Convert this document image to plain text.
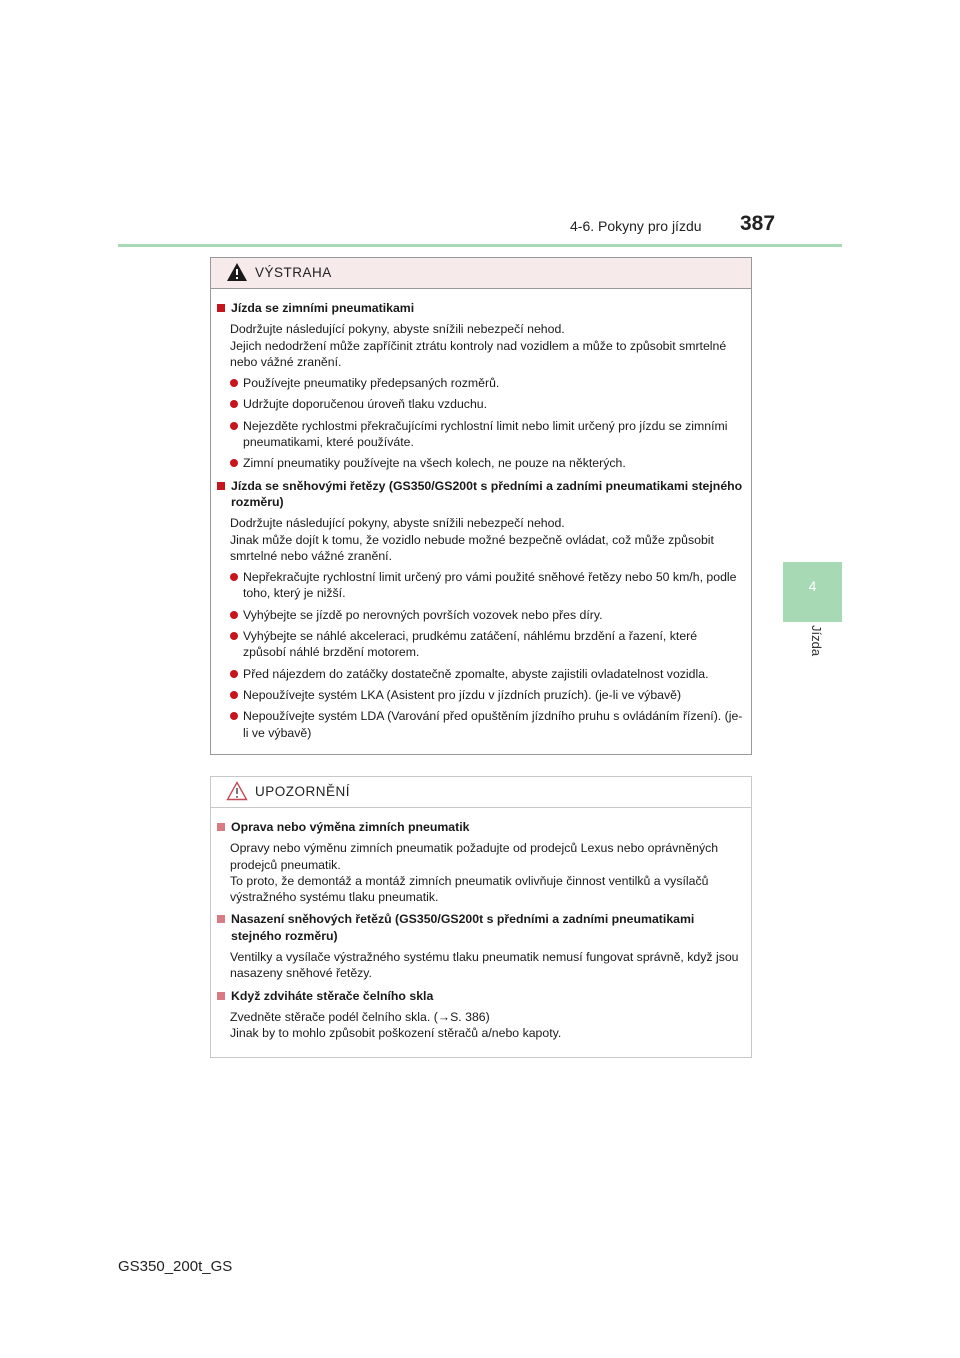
4-6. Pokyny pro jízdu 387
4
Jízda
VÝSTRAHA
Jízda se zimními pneumatikami
Dodržujte následující pokyny, abyste snížili nebezpečí nehod.
Jejich nedodržení může zapříčinit ztrátu kontroly nad vozidlem a může to způsobit smrtelné nebo vážné zranění.
Používejte pneumatiky předepsaných rozměrů.
Udržujte doporučenou úroveň tlaku vzduchu.
Nejezděte rychlostmi překračujícími rychlostní limit nebo limit určený pro jízdu se zimními pneumatikami, které používáte.
Zimní pneumatiky používejte na všech kolech, ne pouze na některých.
Jízda se sněhovými řetězy (GS350/GS200t s předními a zadními pneumatikami stejného rozměru)
Dodržujte následující pokyny, abyste snížili nebezpečí nehod.
Jinak může dojít k tomu, že vozidlo nebude možné bezpečně ovládat, což může způsobit smrtelné nebo vážné zranění.
Nepřekračujte rychlostní limit určený pro vámi použité sněhové řetězy nebo 50 km/h, podle toho, který je nižší.
Vyhýbejte se jízdě po nerovných površích vozovek nebo přes díry.
Vyhýbejte se náhlé akceleraci, prudkému zatáčení, náhlému brzdění a řazení, které způsobí náhlé brzdění motorem.
Před nájezdem do zatáčky dostatečně zpomalte, abyste zajistili ovladatelnost vozidla.
Nepoužívejte systém LKA (Asistent pro jízdu v jízdních pruzích). (je-li ve výbavě)
Nepoužívejte systém LDA (Varování před opuštěním jízdního pruhu s ovládáním řízení). (je-li ve výbavě)
UPOZORNĚNÍ
Oprava nebo výměna zimních pneumatik
Opravy nebo výměnu zimních pneumatik požadujte od prodejců Lexus nebo oprávněných prodejců pneumatik.
To proto, že demontáž a montáž zimních pneumatik ovlivňuje činnost ventilků a vysílačů výstražného systému tlaku pneumatik.
Nasazení sněhových řetězů (GS350/GS200t s předními a zadními pneumatikami stejného rozměru)
Ventilky a vysílače výstražného systému tlaku pneumatik nemusí fungovat správně, když jsou nasazeny sněhové řetězy.
Když zdviháte stěrače čelního skla
Zvedněte stěrače podél čelního skla. (→S. 386)
Jinak by to mohlo způsobit poškození stěračů a/nebo kapoty.
GS350_200t_GS
